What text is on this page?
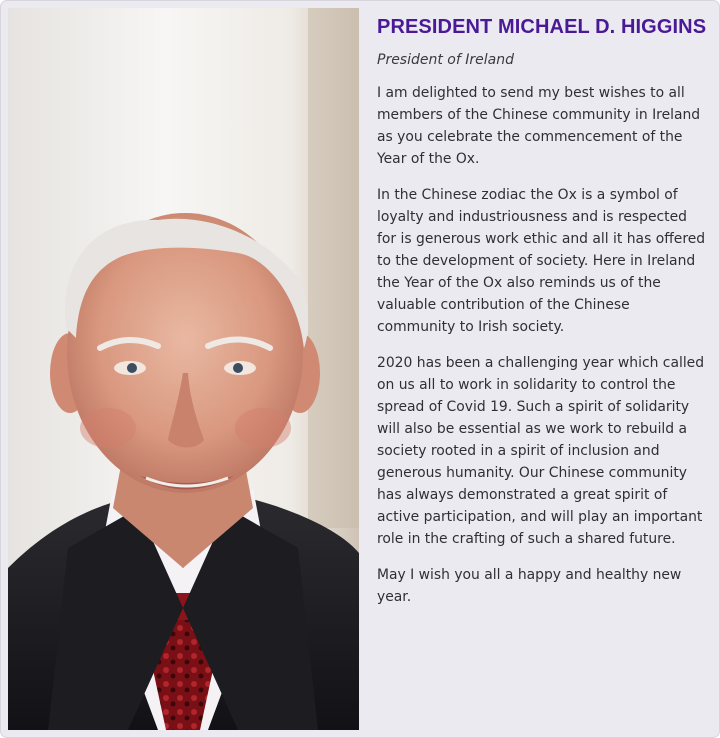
PRESIDENT MICHAEL D. HIGGINS

President of Ireland

I am delighted to send my best wishes to all members of the Chinese community in Ireland as you celebrate the commencement of the Year of the Ox.

In the Chinese zodiac the Ox is a symbol of loyalty and industriousness and is respected for is generous work ethic and all it has offered to the development of society. Here in Ireland the Year of the Ox also reminds us of the valuable contribution of the Chinese community to Irish society.

2020 has been a challenging year which called on us all to work in solidarity to control the spread of Covid 19. Such a spirit of solidarity will also be essential as we work to rebuild a society rooted in a spirit of inclusion and generous humanity. Our Chinese community has always demonstrated a great spirit of active participation, and will play an important role in the crafting of such a shared future.

May I wish you all a happy and healthy new year.
